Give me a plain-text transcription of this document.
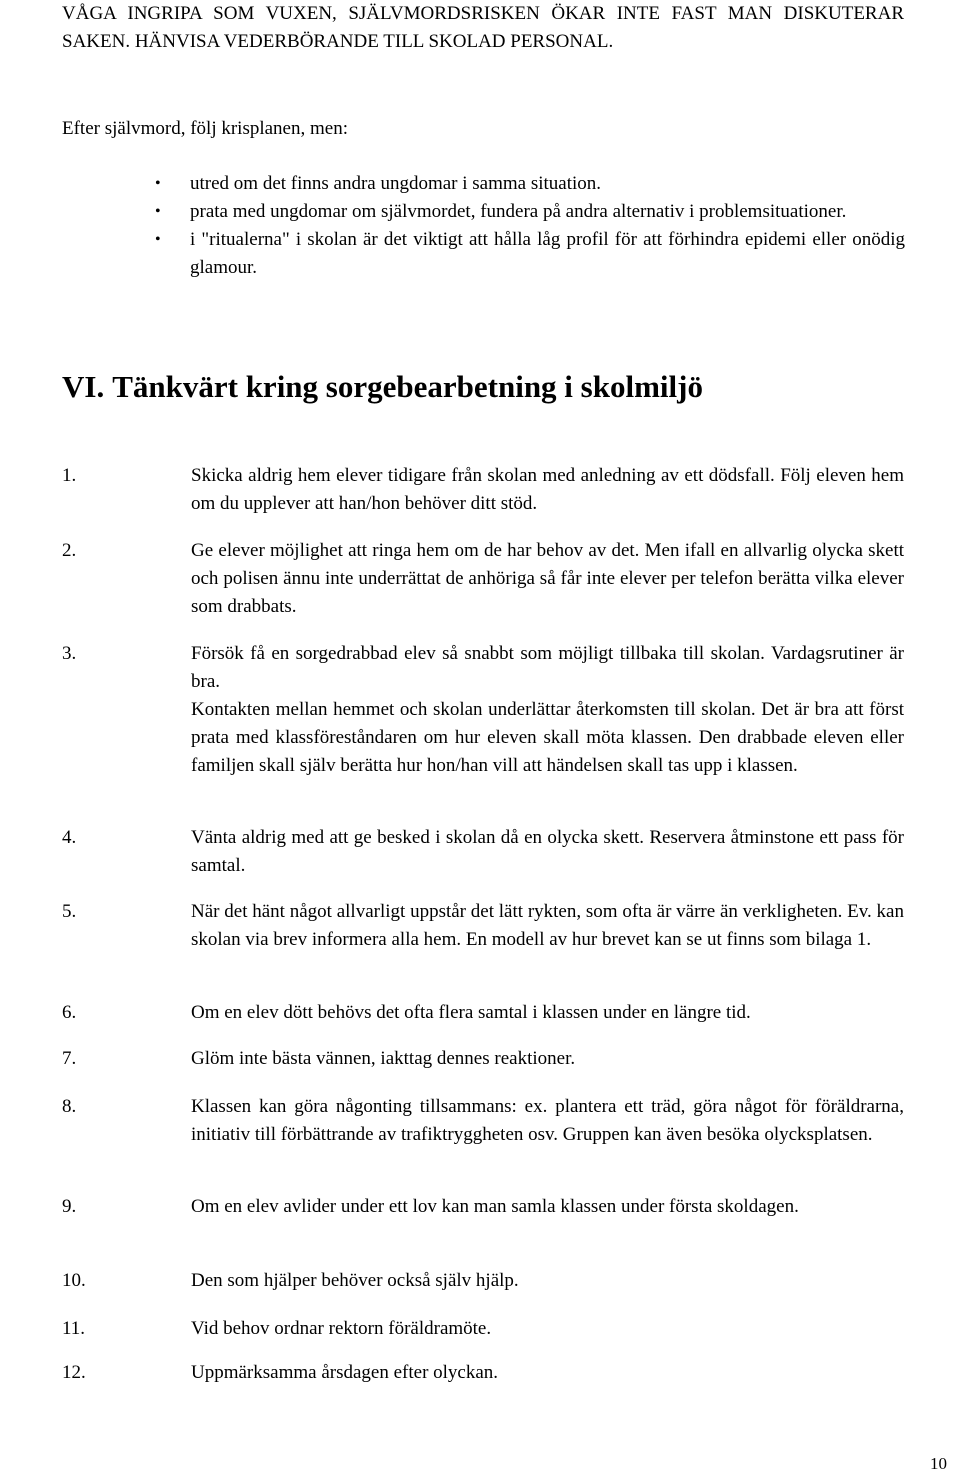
VÅGA INGRIPA SOM VUXEN, SJÄLVMORDSRISKEN ÖKAR INTE FAST MAN DISKUTERAR SAKEN. HÄNVISA VEDERBÖRANDE TILL SKOLAD PERSONAL.

Efter självmord, följ krisplanen, men:

• utred om det finns andra ungdomar i samma situation.
• prata med ungdomar om självmordet, fundera på andra alternativ i problemsituationer.
• i "ritualerna" i skolan är det viktigt att hålla låg profil för att förhindra epidemi eller onödig glamour.
VI. Tänkvärt kring sorgebearbetning i skolmiljö
1.	Skicka aldrig hem elever tidigare från skolan med anledning av ett dödsfall. Följ eleven hem om du upplever att han/hon behöver ditt stöd.

2.	Ge elever möjlighet att ringa hem om de har behov av det. Men ifall en allvarlig olycka skett och polisen ännu inte underrättat de anhöriga så får inte elever per telefon berätta vilka elever som drabbats.

3.	Försök få en sorgedrabbad elev så snabbt som möjligt tillbaka till skolan. Vardagsrutiner är bra.

Kontakten mellan hemmet och skolan underlättar återkomsten till skolan. Det är bra att först prata med klassföreståndaren om hur eleven skall möta klassen. Den drabbade eleven eller familjen skall själv berätta hur hon/han vill att händelsen skall tas upp i klassen.

4.	Vänta aldrig med att ge besked i skolan då en olycka skett. Reservera åtminstone ett pass för samtal.

5.	När det hänt något allvarligt uppstår det lätt rykten, som ofta är värre än verkligheten. Ev. kan skolan via brev informera alla hem. En modell av hur brevet kan se ut finns som bilaga 1.

6.	Om en elev dött behövs det ofta flera samtal i klassen under en längre tid.

7.	Glöm inte bästa vännen, iakttag dennes reaktioner.

8.	Klassen kan göra någonting tillsammans: ex. plantera ett träd, göra något för föräldrarna, initiativ till förbättrande av trafiktryggheten osv. Gruppen kan även besöka olycksplatsen.

9.	Om en elev avlider under ett lov kan man samla klassen under första skoldagen.

10.	Den som hjälper behöver också själv hjälp.

11.	Vid behov ordnar rektorn föräldramöte.

12.	Uppmärksamma årsdagen efter olyckan.

10
